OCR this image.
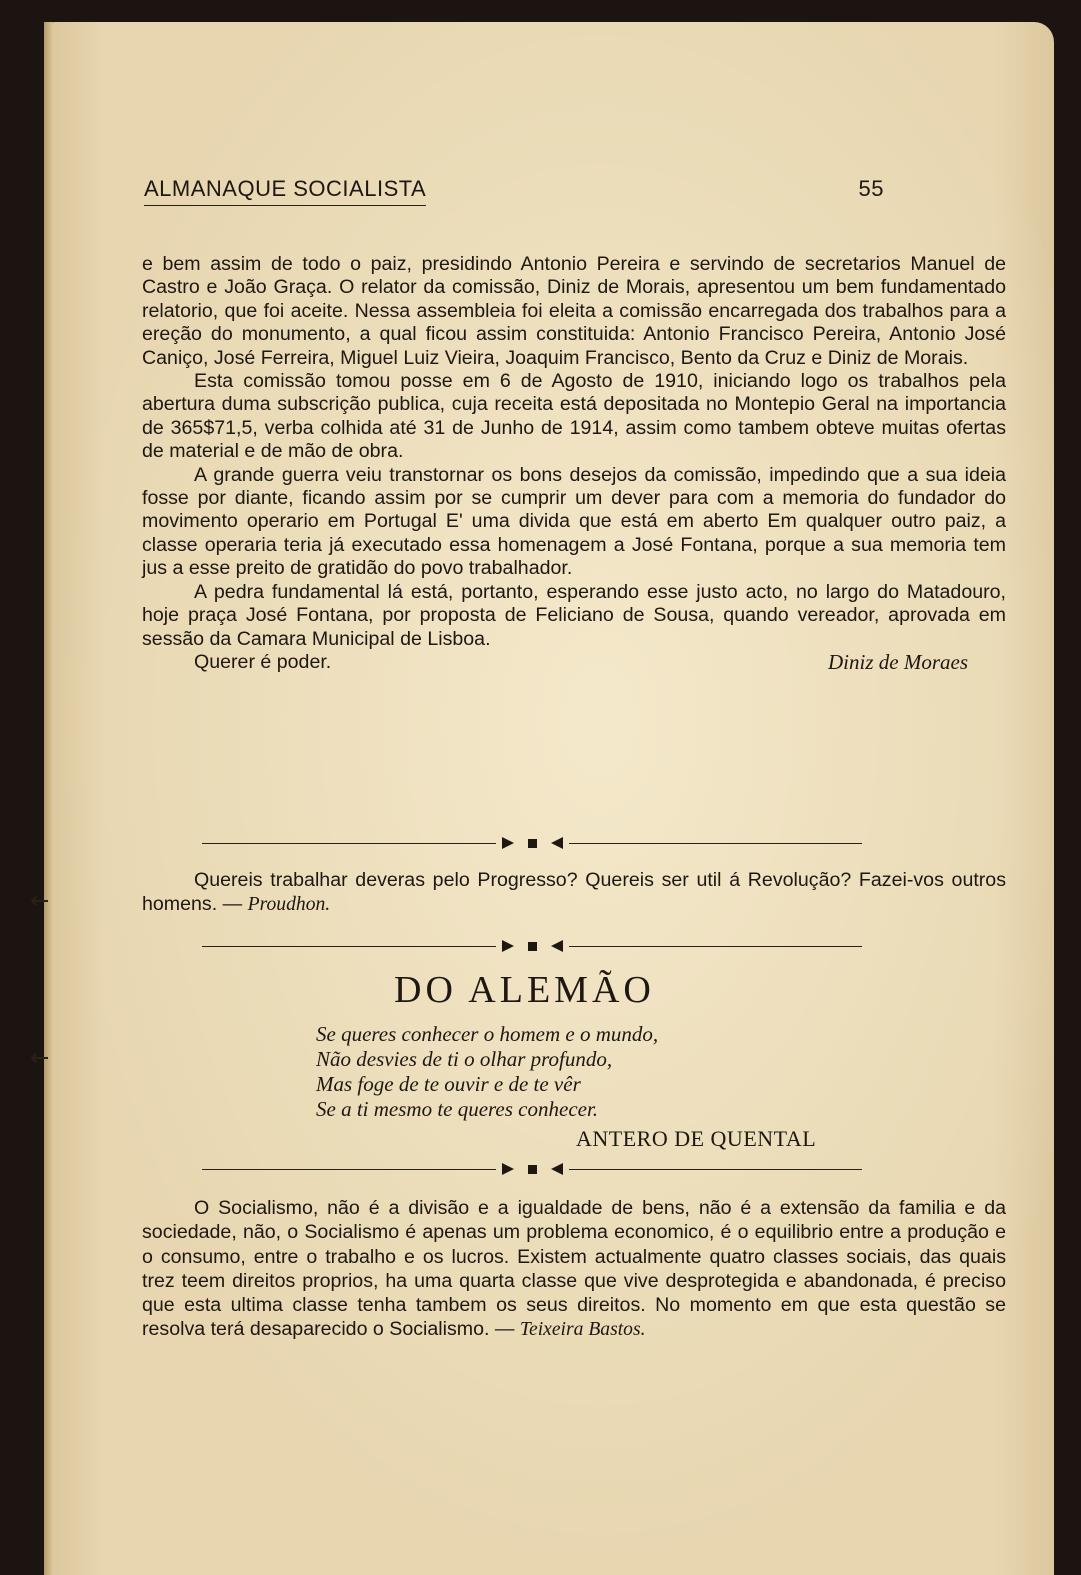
ALMANAQUE SOCIALISTA	55

e bem assim de todo o paiz, presidindo Antonio Pereira e servindo de secretarios Manuel de Castro e João Graça. O relator da comissão, Diniz de Morais, apresentou um bem fundamentado relatorio, que foi aceite. Nessa assembleia foi eleita a comissão encarregada dos trabalhos para a ereção do monumento, a qual ficou assim constituida: Antonio Francisco Pereira, Antonio José Caniço, José Ferreira, Miguel Luiz Vieira, Joaquim Francisco, Bento da Cruz e Diniz de Morais.

Esta comissão tomou posse em 6 de Agosto de 1910, iniciando logo os trabalhos pela abertura duma subscrição publica, cuja receita está depositada no Montepio Geral na importancia de 365$71,5, verba colhida até 31 de Junho de 1914, assim como tambem obteve muitas ofertas de material e de mão de obra.

A grande guerra veiu transtornar os bons desejos da comissão, impedindo que a sua ideia fosse por diante, ficando assim por se cumprir um dever para com a memoria do fundador do movimento operario em Portugal E' uma divida que está em aberto Em qualquer outro paiz, a classe operaria teria já executado essa homenagem a José Fontana, porque a sua memoria tem jus a esse preito de gratidão do povo trabalhador.

A pedra fundamental lá está, portanto, esperando esse justo acto, no largo do Matadouro, hoje praça José Fontana, por proposta de Feliciano de Sousa, quando vereador, aprovada em sessão da Camara Municipal de Lisboa.

Querer é poder.	Diniz de Moraes

Quereis trabalhar deveras pelo Progresso? Quereis ser util á Revolução? Fazei-vos outros homens. — Proudhon.

DO ALEMÃO
Se queres conhecer o homem e o mundo,
Não desvies de ti o olhar profundo,
Mas foge de te ouvir e de te vêr
Se a ti mesmo te queres conhecer.
ANTERO DE QUENTAL

O Socialismo, não é a divisão e a igualdade de bens, não é a extensão da familia e da sociedade, não, o Socialismo é apenas um problema economico, é o equilibrio entre a produção e o consumo, entre o trabalho e os lucros. Existem actualmente quatro classes sociais, das quais trez teem direitos proprios, ha uma quarta classe que vive desprotegida e abandonada, é preciso que esta ultima classe tenha tambem os seus direitos. No momento em que esta questão se resolva terá desaparecido o Socialismo. — Teixeira Bastos.
